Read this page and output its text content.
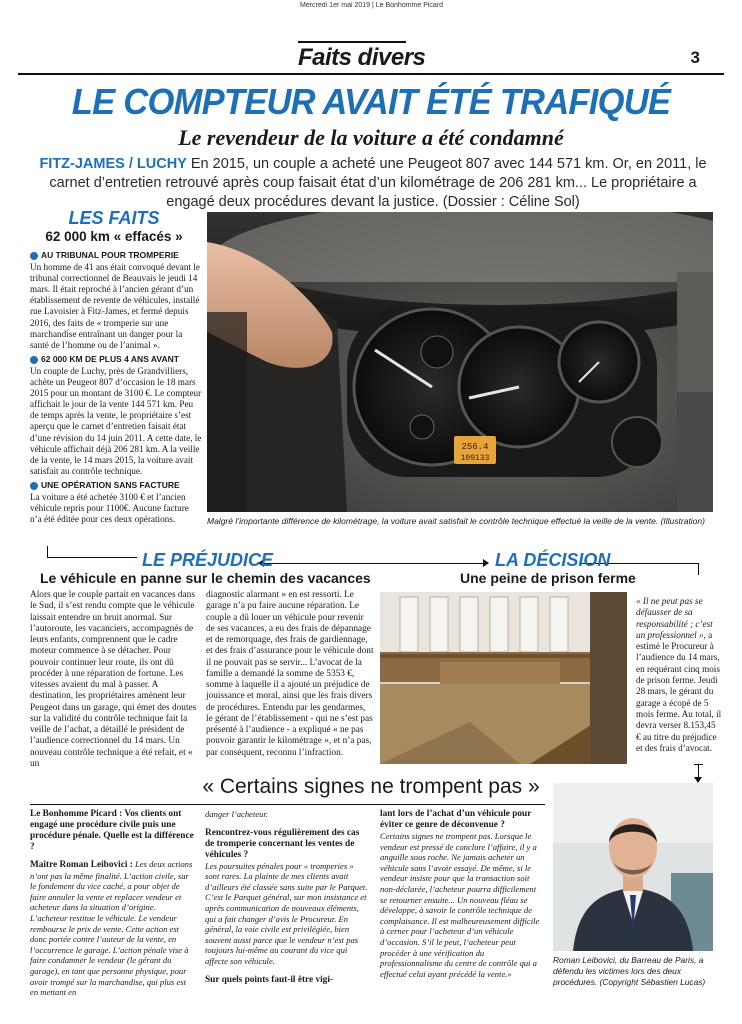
Mercredi 1er mai 2019 | Le Bonhomme Picard
Faits divers	3
LE COMPTEUR AVAIT ÉTÉ TRAFIQUÉ
Le revendeur de la voiture a été condamné
FITZ-JAMES / LUCHY En 2015, un couple a acheté une Peugeot 807 avec 144 571 km. Or, en 2011, le carnet d’entretien retrouvé après coup faisait état d’un kilométrage de 206 281 km... Le propriétaire a engagé deux procédures devant la justice. (Dossier : Céline Sol)
LES FAITS
62 000 km « effacés »
AU TRIBUNAL POUR TROMPERIE

Un homme de 41 ans était convoqué devant le tribunal correctionnel de Beauvais le jeudi 14 mars. Il était reproché à l’ancien gérant d’un établissement de revente de véhicules, installé rue Lavoisier à Fitz-James, et fermé depuis 2016, des faits de « tromperie sur une marchandise entraînant un danger pour la santé de l’homme ou de l’animal ».

62 000 KM DE PLUS 4 ANS AVANT

Un couple de Luchy, près de Grandvilliers, achète un Peugeot 807 d’occasion le 18 mars 2015 pour un montant de 3100 €. Le compteur affichait le jour de la vente 144 571 km. Peu de temps après la vente, le propriétaire s’est aperçu que le carnet d’entretien faisait état d’une révision du 14 juin 2011. A cette date, le véhicule affichait déjà 206 281 km. A la veille de la vente, le 14 mars 2015, la voiture avait satisfait au contrôle technique.

UNE OPÉRATION SANS FACTURE

La voiture a été achetée 3100 € et l’ancien véhicule repris pour 1100€. Aucune facture n’a été éditée pour ces deux opérations.

256.4
109133
Malgré l’importante différence de kilométrage, la voiture avait satisfait le contrôle technique effectué la veille de la vente. (Illustration)
LE PRÉJUDICE
Le véhicule en panne sur le chemin des vacances
Alors que le couple partait en vacances dans le Sud, il s’est rendu compte que le véhicule laissait entendre un bruit anormal. Sur l’autoroute, les vacanciers, accompagnés de leurs enfants, comprennent que le cadre moteur commence à se détacher. Pour pouvoir continuer leur route, ils ont dû procéder à une réparation de fortune. Les vitesses avaient du mal à passer. A destination, les propriétaires amènent leur Peugeot dans un garage, qui émet des doutes sur la validité du contrôle technique fait la veille de l’achat, a détaillé le président de l’audience correctionnel du 14 mars. Un nouveau contrôle technique a été refait, et « un
diagnostic alarmant » en est ressorti. Le garage n’a pu faire aucune réparation. Le couple a dû louer un véhicule pour revenir de ses vacances, a eu des frais de dépannage et de remorquage, des frais de gardiennage, et des frais d’assurance pour le véhicule dont il ne pouvait pas se servir... L’avocat de la famille a demandé la somme de 5353 €, somme à laquelle il a ajouté un préjudice de jouissance et moral, ainsi que les frais divers de procédures. Entendu par les gendarmes, le gérant de l’établissement - qui ne s’est pas présenté à l’audience - a expliqué « ne pas pouvoir garantir le kilométrage », et n’a pas, par conséquent, reconnu l’infraction.
LA DÉCISION
Une peine de prison ferme
« Il ne peut pas se défausser de sa responsabilité ; c’est un professionnel », a estimé le Procureur à l’audience du 14 mars, en requérant cinq mois de prison ferme. Jeudi 28 mars, le gérant du garage a écopé de 5 mois ferme. Au total, il devra verser 8.153,45 € au titre du préjudice et des frais d’avocat.
« Certains signes ne trompent pas »

Le Bonhomme Picard : Vos clients ont engagé une procédure civile puis une procédure pénale. Quelle est la différence ?

Maître Roman Leibovici : Les deux actions n’ont pas la même finalité. L’action civile, sur le fondement du vice caché, a pour objet de faire annuler la vente et replacer vendeur et acheteur dans la situation d’origine. L’acheteur restitue le véhicule. Le vendeur rembourse le prix de vente. Cette action est donc portée contre l’auteur de la vente, en l’occurrence le garage. L’action pénale vise à faire condamner le vendeur (le gérant du garage), en tant que personne physique, pour avoir trompé sur la marchandise, qui plus est en mettant en

danger l’acheteur.

Rencontrez-vous régulièrement des cas de tromperie concernant les ventes de véhicules ?

Les poursuites pénales pour « tromperies » sont rares. La plainte de mes clients avait d’ailleurs été classée sans suite par le Parquet. C’est le Parquet général, sur mon insistance et après communication de nouveaux éléments, qui a fait changer d’avis le Procureur. En général, la voie civile est privilégiée, bien souvent aussi parce que le vendeur n’est pas toujours lui-même au courant du vice qui affecte son véhicule.

Sur quels points faut-il être vigi-

lant lors de l’achat d’un véhicule pour éviter ce genre de déconvenue ?

Certains signes ne trompent pas. Lorsque le vendeur est pressé de conclure l’affaire, il y a anguille sous roche. Ne jamais acheter un véhicule sans l’avoir essayé. De même, si le vendeur insiste pour que la transaction soit non-déclarée, l’acheteur pourra difficilement se retourner ensuite... Un nouveau fléau se développe, à savoir le contrôle technique de complaisance. Il est malheureusement difficile à cerner pour l’acheteur d’un véhicule d’occasion. S’il le peut, l’acheteur peut procéder à une vérification du professionnalisme du centre de contrôle qui a effectué celui ayant précédé la vente.»

Roman Leibovici, du Barreau de Paris, a défendu les victimes lors des deux procédures. (Copyright Sébastien Lucas)
